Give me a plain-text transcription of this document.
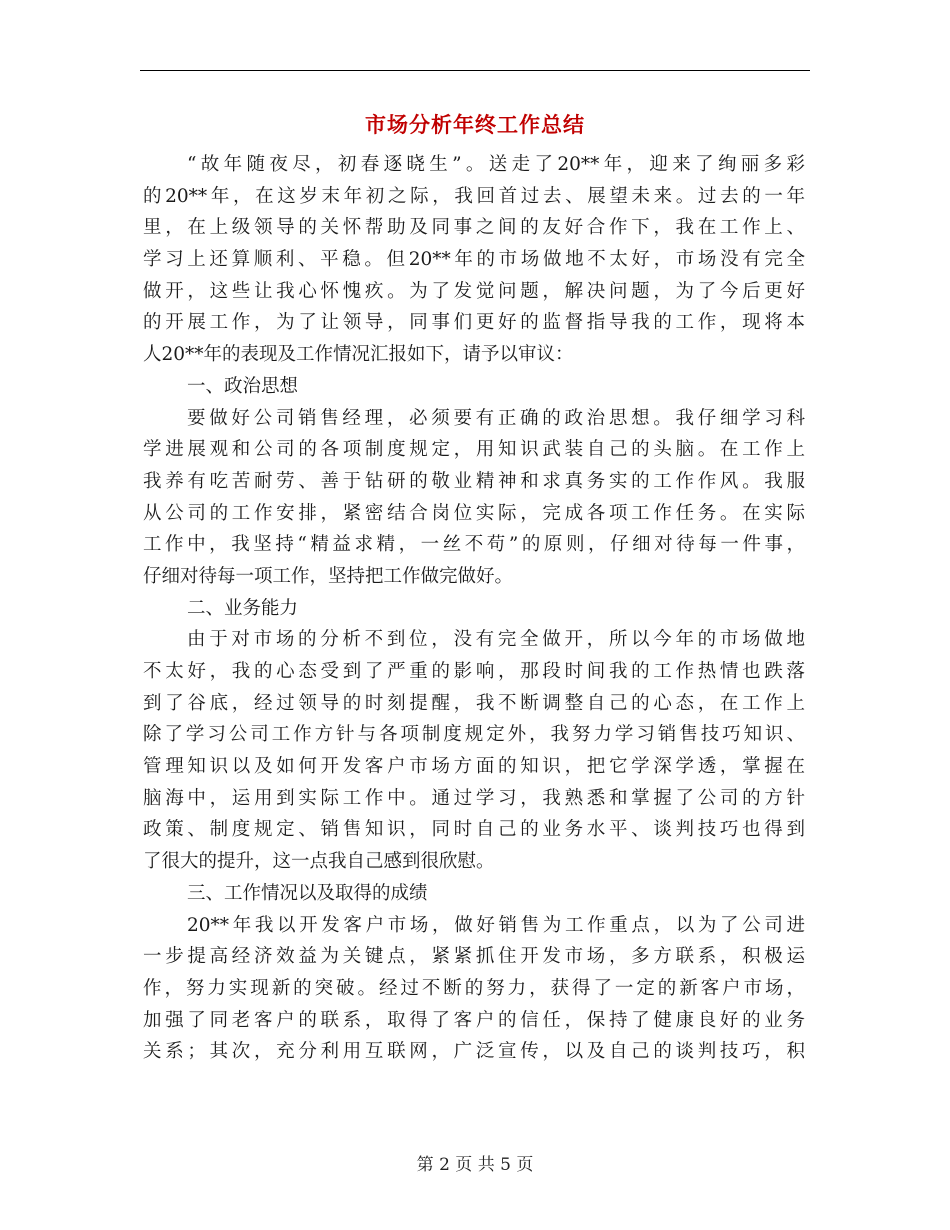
市场分析年终工作总结
“故年随夜尽，初春逐晓生”。送走了20**年，迎来了绚丽多彩
的20**年，在这岁末年初之际，我回首过去、展望未来。过去的一年
里，在上级领导的关怀帮助及同事之间的友好合作下，我在工作上、
学习上还算顺利、平稳。但20**年的市场做地不太好，市场没有完全
做开，这些让我心怀愧疚。为了发觉问题，解决问题，为了今后更好
的开展工作，为了让领导，同事们更好的监督指导我的工作，现将本
人20**年的表现及工作情况汇报如下，请予以审议：
一、政治思想
要做好公司销售经理，必须要有正确的政治思想。我仔细学习科
学进展观和公司的各项制度规定，用知识武装自己的头脑。在工作上
我养有吃苦耐劳、善于钻研的敬业精神和求真务实的工作作风。我服
从公司的工作安排，紧密结合岗位实际，完成各项工作任务。在实际
工作中，我坚持“精益求精，一丝不苟”的原则，仔细对待每一件事，
仔细对待每一项工作，坚持把工作做完做好。
二、业务能力
由于对市场的分析不到位，没有完全做开，所以今年的市场做地
不太好，我的心态受到了严重的影响，那段时间我的工作热情也跌落
到了谷底，经过领导的时刻提醒，我不断调整自己的心态，在工作上
除了学习公司工作方针与各项制度规定外，我努力学习销售技巧知识、
管理知识以及如何开发客户市场方面的知识，把它学深学透，掌握在
脑海中，运用到实际工作中。通过学习，我熟悉和掌握了公司的方针
政策、制度规定、销售知识，同时自己的业务水平、谈判技巧也得到
了很大的提升，这一点我自己感到很欣慰。
三、工作情况以及取得的成绩
20**年我以开发客户市场，做好销售为工作重点，以为了公司进
一步提高经济效益为关键点，紧紧抓住开发市场，多方联系，积极运
作，努力实现新的突破。经过不断的努力，获得了一定的新客户市场，
加强了同老客户的联系，取得了客户的信任，保持了健康良好的业务
关系；其次，充分利用互联网，广泛宣传，以及自己的谈判技巧，积
第 2 页 共 5 页
